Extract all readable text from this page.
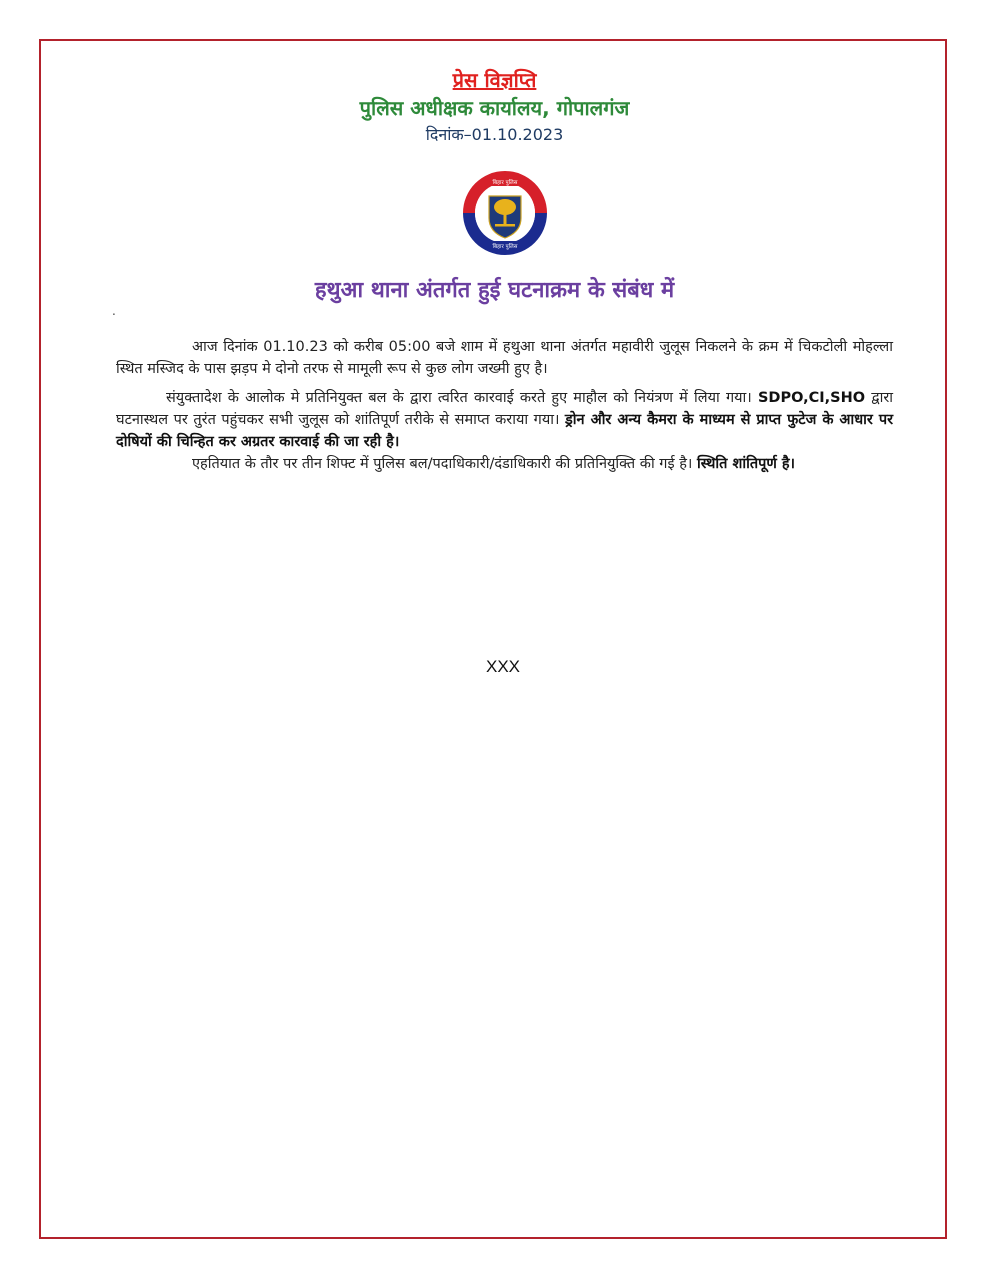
प्रेस विज्ञप्ति
पुलिस अधीक्षक कार्यालय, गोपालगंज
दिनांक–01.10.2023
बिहार पुलिस
बिहार पुलिस
हथुआ थाना अंतर्गत हुई घटनाक्रम के संबंध में
.

आज दिनांक 01.10.23 को करीब 05:00 बजे शाम में हथुआ थाना अंतर्गत महावीरी जुलूस निकलने के क्रम में चिकटोली मोहल्ला स्थित मस्जिद के पास झड़प मे दोनो तरफ से मामूली रूप से कुछ लोग जख्मी हुए है।

संयुक्तादेश के आलोक मे प्रतिनियुक्त बल के द्वारा त्वरित कारवाई करते हुए माहौल को नियंत्रण में लिया गया। SDPO,CI,SHO द्वारा घटनास्थल पर तुरंत पहुंचकर सभी जुलूस को शांतिपूर्ण तरीके से समाप्त कराया गया। ड्रोन और अन्य कैमरा के माध्यम से प्राप्त फुटेज के आधार पर दोषियों की चिन्हित कर अग्रतर कारवाई की जा रही है।

एहतियात के तौर पर तीन शिफ्ट में पुलिस बल/पदाधिकारी/दंडाधिकारी की प्रतिनियुक्ति की गई है। स्थिति शांतिपूर्ण है।

XXX
